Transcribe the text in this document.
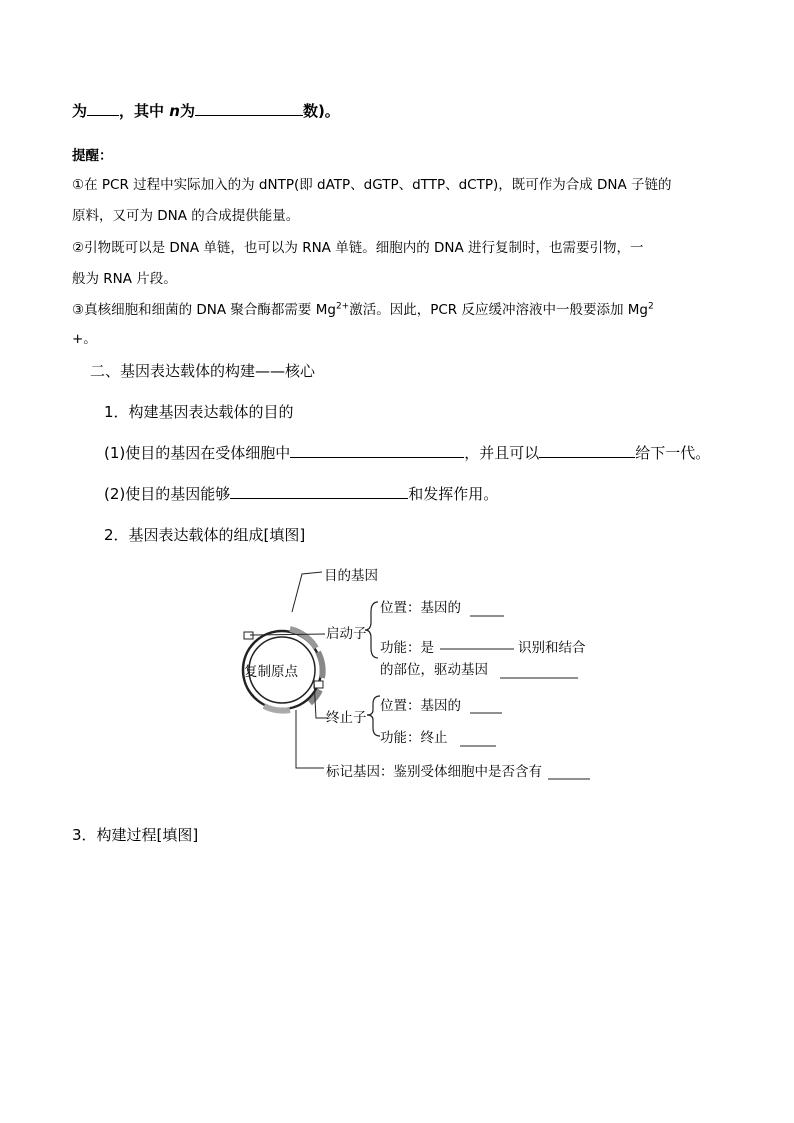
为 ，其中 n为	数)。
提醒：
①在 PCR 过程中实际加入的为 dNTP(即 dATP、dGTP、dTTP、dCTP)，既可作为合成 DNA 子链的
原料，又可为 DNA 的合成提供能量。
②引物既可以是 DNA 单链，也可以为 RNA 单链。细胞内的 DNA 进行复制时，也需要引物，一
般为 RNA 片段。
③真核细胞和细菌的 DNA 聚合酶都需要 $Mg^{2+}$激活。因此，PCR 反应缓冲溶液中一般要添加 $Mg^2$
+。
二、基因表达载体的构建——核心
1．构建基因表达载体的目的
(1)使目的基因在受体细胞中	，并且可以	给下一代。
(2)使目的基因能够	和发挥作用。
2．基因表达载体的组成[填图]
目的基因
启动子
位置：基因的
功能：是	识别和结合
的部位，驱动基因
复制原点
终止子
位置：基因的
功能：终止
标记基因：鉴别受体细胞中是否含有
3．构建过程[填图]
